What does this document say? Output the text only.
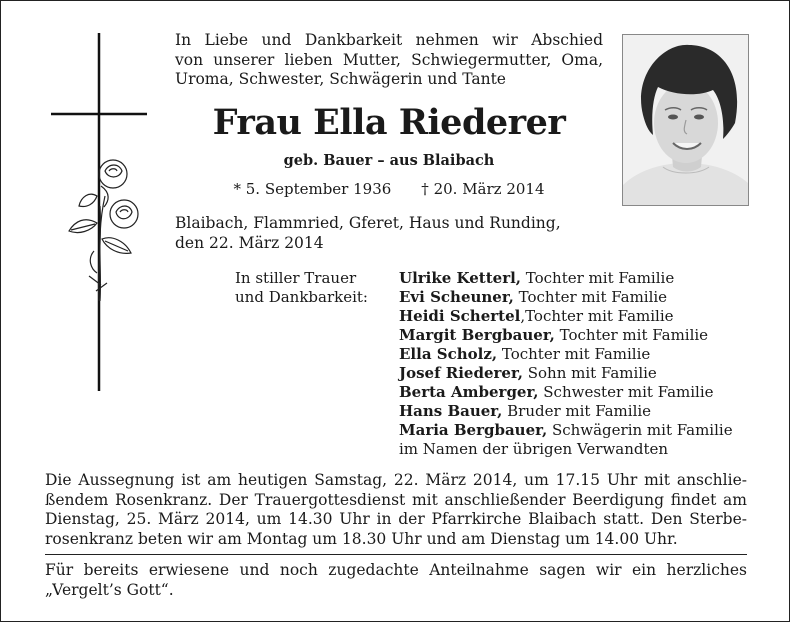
In Liebe und Dankbarkeit nehmen wir Abschied
von unserer lieben Mutter, Schwiegermutter, Oma,
Uroma, Schwester, Schwägerin und Tante
Frau Ella Riederer
geb. Bauer – aus Blaibach
* 5. September 1936 † 20. März 2014
Blaibach, Flammried, Gferet, Haus und Runding,
den 22. März 2014
In stiller Trauer
und Dankbarkeit:
Ulrike Ketterl, Tochter mit Familie
Evi Scheuner, Tochter mit Familie
Heidi Schertel,Tochter mit Familie
Margit Bergbauer, Tochter mit Familie
Ella Scholz, Tochter mit Familie
Josef Riederer, Sohn mit Familie
Berta Amberger, Schwester mit Familie
Hans Bauer, Bruder mit Familie
Maria Bergbauer, Schwägerin mit Familie
im Namen der übrigen Verwandten
Die Aussegnung ist am heutigen Samstag, 22. März 2014, um 17.15 Uhr mit anschlie-
ßendem Rosenkranz. Der Trauergottesdienst mit anschließender Beerdigung findet am
Dienstag, 25. März 2014, um 14.30 Uhr in der Pfarrkirche Blaibach statt. Den Sterbe-
rosenkranz beten wir am Montag um 18.30 Uhr und am Dienstag um 14.00 Uhr.
Für bereits erwiesene und noch zugedachte Anteilnahme sagen wir ein herzliches
„Vergelt’s Gott“.
